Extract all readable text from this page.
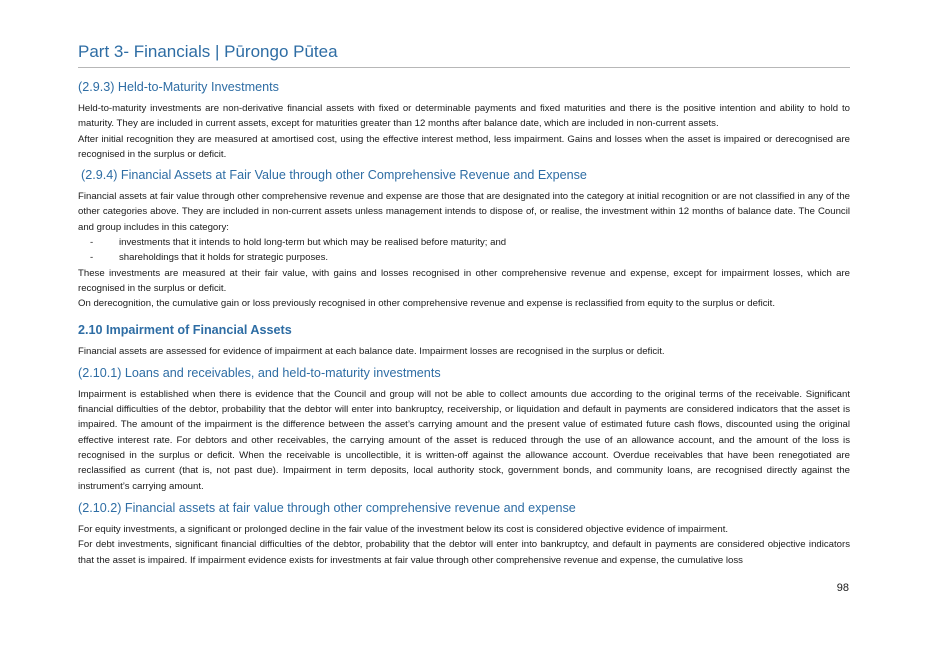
Part 3- Financials | Pūrongo Pūtea
(2.9.3) Held-to-Maturity Investments

Held-to-maturity investments are non-derivative financial assets with fixed or determinable payments and fixed maturities and there is the positive intention and ability to hold to maturity. They are included in current assets, except for maturities greater than 12 months after balance date, which are included in non-current assets.

After initial recognition they are measured at amortised cost, using the effective interest method, less impairment. Gains and losses when the asset is impaired or derecognised are recognised in the surplus or deficit.

(2.9.4) Financial Assets at Fair Value through other Comprehensive Revenue and Expense

Financial assets at fair value through other comprehensive revenue and expense are those that are designated into the category at initial recognition or are not classified in any of the other categories above. They are included in non-current assets unless management intends to dispose of, or realise, the investment within 12 months of balance date. The Council and group includes in this category:

-	investments that it intends to hold long-term but which may be realised before maturity; and
-	shareholdings that it holds for strategic purposes.

These investments are measured at their fair value, with gains and losses recognised in other comprehensive revenue and expense, except for impairment losses, which are recognised in the surplus or deficit.

On derecognition, the cumulative gain or loss previously recognised in other comprehensive revenue and expense is reclassified from equity to the surplus or deficit.

2.10 Impairment of Financial Assets

Financial assets are assessed for evidence of impairment at each balance date. Impairment losses are recognised in the surplus or deficit.

(2.10.1) Loans and receivables, and held-to-maturity investments

Impairment is established when there is evidence that the Council and group will not be able to collect amounts due according to the original terms of the receivable. Significant financial difficulties of the debtor, probability that the debtor will enter into bankruptcy, receivership, or liquidation and default in payments are considered indicators that the asset is impaired. The amount of the impairment is the difference between the asset’s carrying amount and the present value of estimated future cash flows, discounted using the original effective interest rate. For debtors and other receivables, the carrying amount of the asset is reduced through the use of an allowance account, and the amount of the loss is recognised in the surplus or deficit. When the receivable is uncollectible, it is written-off against the allowance account. Overdue receivables that have been renegotiated are reclassified as current (that is, not past due). Impairment in term deposits, local authority stock, government bonds, and community loans, are recognised directly against the instrument’s carrying amount.

(2.10.2) Financial assets at fair value through other comprehensive revenue and expense

For equity investments, a significant or prolonged decline in the fair value of the investment below its cost is considered objective evidence of impairment.

For debt investments, significant financial difficulties of the debtor, probability that the debtor will enter into bankruptcy, and default in payments are considered objective indicators that the asset is impaired. If impairment evidence exists for investments at fair value through other comprehensive revenue and expense, the cumulative loss

98
